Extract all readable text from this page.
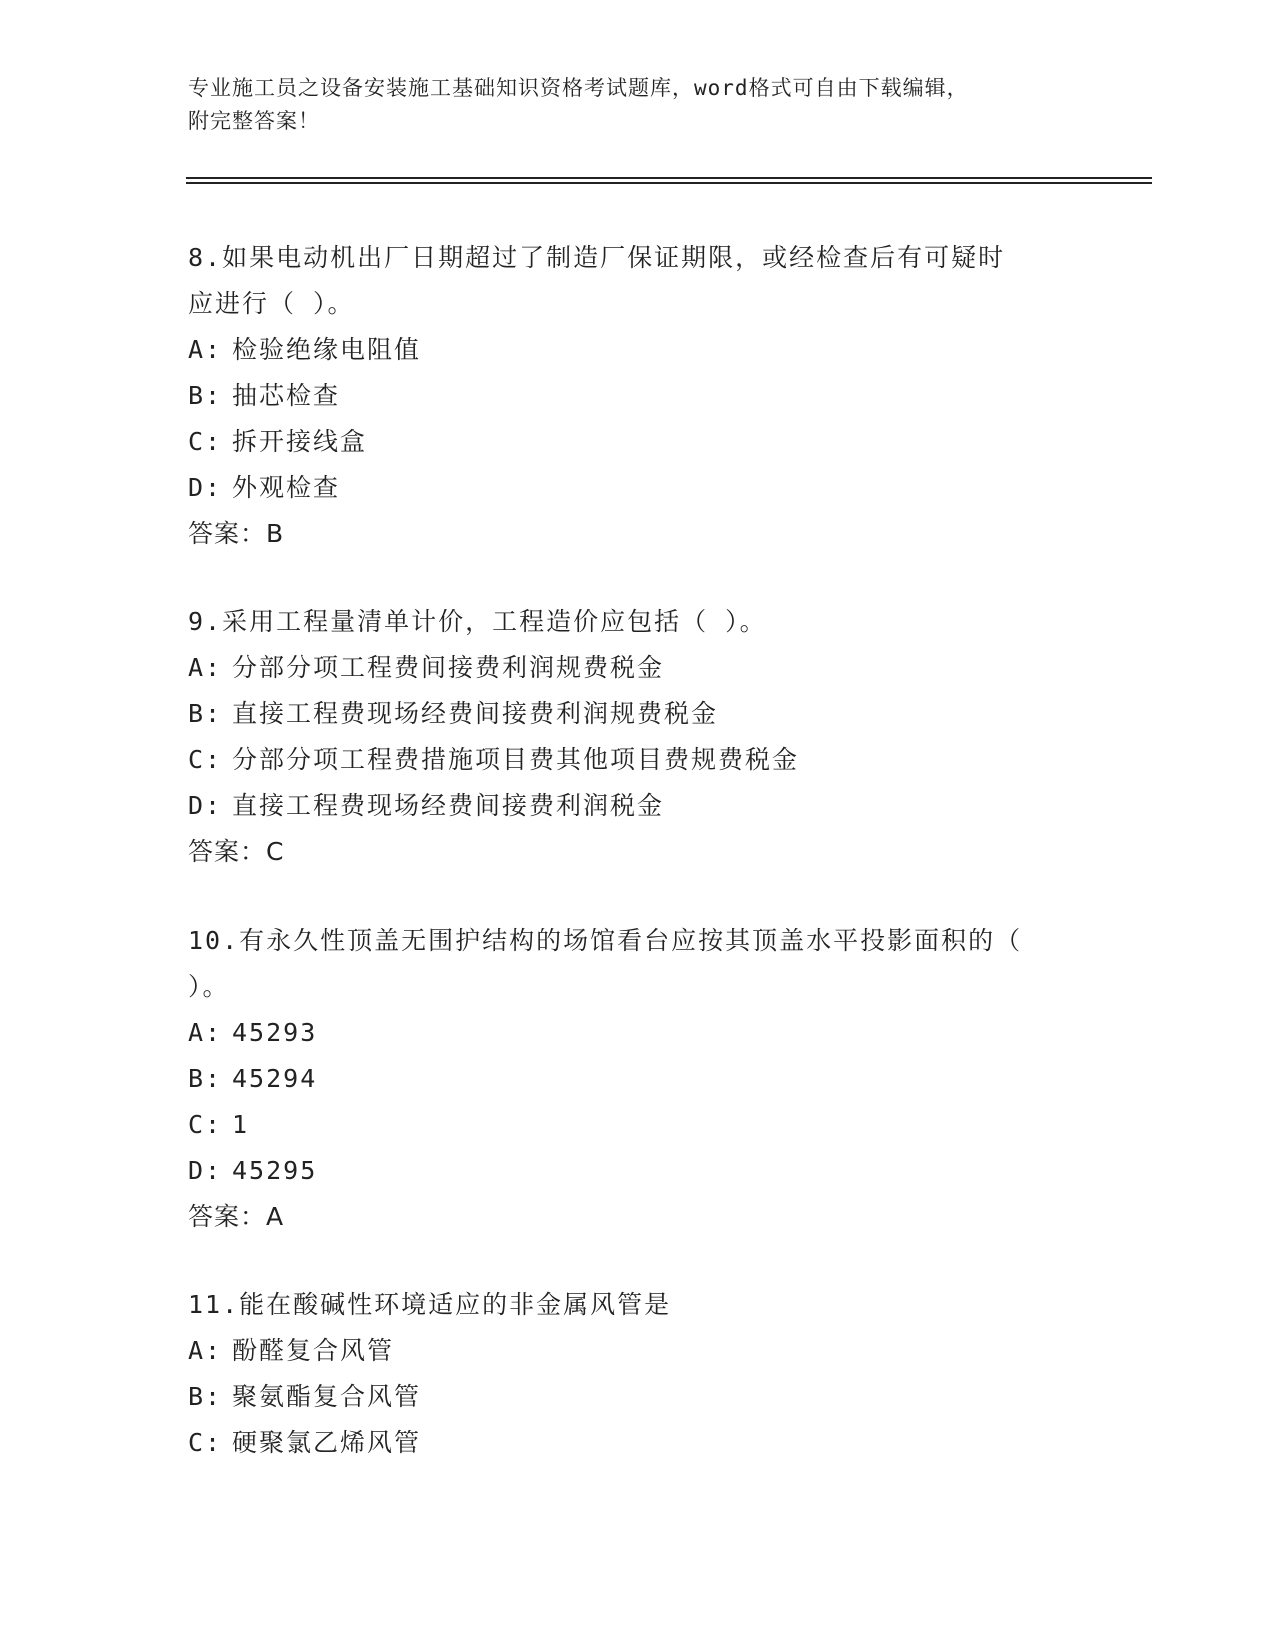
专业施工员之设备安装施工基础知识资格考试题库，word格式可自由下载编辑，
附完整答案！
8.如果电动机出厂日期超过了制造厂保证期限，或经检查后有可疑时
应进行（ ）。
A: 检验绝缘电阻值
B: 抽芯检查
C: 拆开接线盒
D: 外观检查
答案：B
9.采用工程量清单计价，工程造价应包括（ ）。
A: 分部分项工程费间接费利润规费税金
B: 直接工程费现场经费间接费利润规费税金
C: 分部分项工程费措施项目费其他项目费规费税金
D: 直接工程费现场经费间接费利润税金
答案：C
10.有永久性顶盖无围护结构的场馆看台应按其顶盖水平投影面积的（
）。
A: 45293
B: 45294
C: 1
D: 45295
答案：A
11.能在酸碱性环境适应的非金属风管是
A: 酚醛复合风管
B: 聚氨酯复合风管
C: 硬聚氯乙烯风管
